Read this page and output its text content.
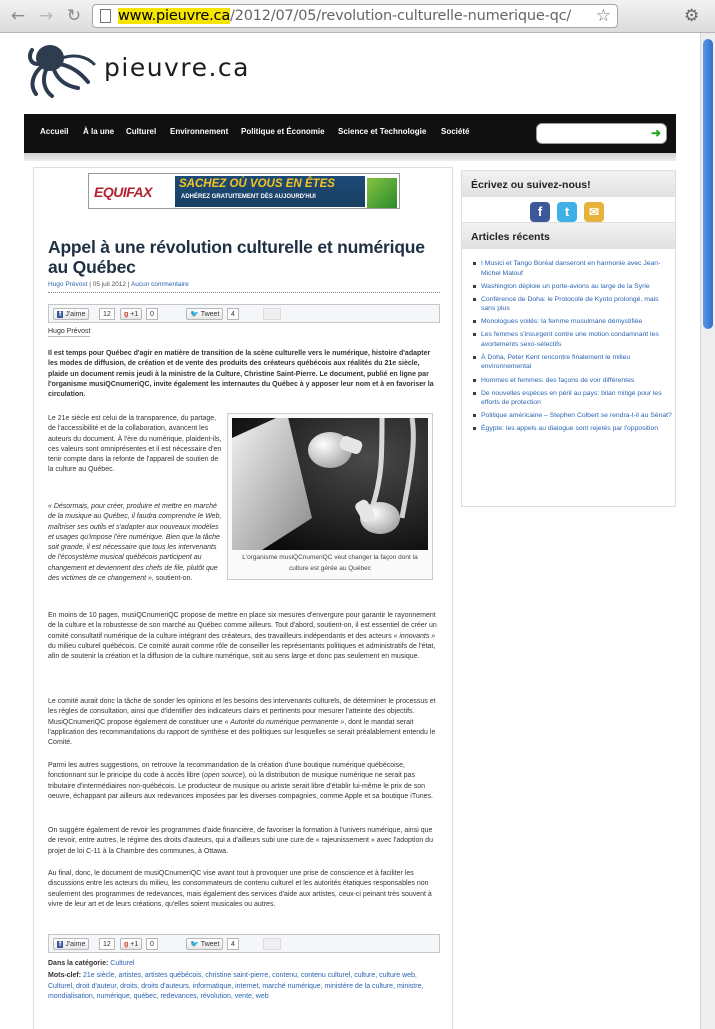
← → ↻	www.pieuvre.ca/2012/07/05/revolution-culturelle-numerique-qc/ ☆	⚙
pieuvre.ca
Accueil À la une Culturel Environnement Politique et Économie Science et Technologie Société	➜
EQUIFAX SACHEZ OÙ VOUS EN ÊTES
ADHÉREZ GRATUITEMENT DÈS AUJOURD'HUI
Appel à une révolution culturelle et numérique au Québec
Hugo Prévost | 05 juil 2012 | Aucun commentaire
f J'aime	12	g +1	0	🐦 Tweet	4
Hugo Prévost
Il est temps pour Québec d'agir en matière de transition de la scène culturelle vers le numérique, histoire d'adapter les modes de diffusion, de création et de vente des produits des créateurs québécois aux réalités du 21e siècle, plaide un document remis jeudi à la ministre de la Culture, Christine Saint-Pierre. Le document, publié en ligne par l'organisme musiQCnumeriQC, invite également les internautes du Québec à y apposer leur nom et à en favoriser la circulation.
Le 21e siècle est celui de la transparence, du partage, de l'accessibilité et de la collaboration, avancent les auteurs du document. À l'ère du numérique, plaident-ils, ces valeurs sont omniprésentes et il est nécessaire d'en tenir compte dans la refonte de l'appareil de soutien de la culture au Québec.
« Désormais, pour créer, produire et mettre en marché de la musique au Québec, il faudra comprendre le Web, maîtriser ses outils et s'adapter aux nouveaux modèles et usages qu'impose l'ère numérique. Bien que la tâche soit grande, il est nécessaire que tous les intervenants de l'écosystème musical québécois participent au changement et deviennent des chefs de file, plutôt que des victimes de ce changement », soutient-on.
L'organisme musiQCnumeriQC veut changer la façon dont la culture est gérée au Québec
En moins de 10 pages, musiQCnumeriQC propose de mettre en place six mesures d'envergure pour garantir le rayonnement de la culture et la robustesse de son marché au Québec comme ailleurs. Tout d'abord, soutient-on, il est essentiel de créer un comité consultatif numérique de la culture intégrant des créateurs, des travailleurs indépendants et des acteurs « innovants » du milieu culturel québécois. Ce comité aurait comme rôle de conseiller les représentants politiques et administratifs de l'état, afin de soutenir la création et la diffusion de la culture numérique, soit au sens large et donc pas seulement en musique.
Le comité aurait donc la tâche de sonder les opinions et les besoins des intervenants culturels, de déterminer le processus et les règles de consultation, ainsi que d'identifier des indicateurs clairs et pertinents pour mesurer l'atteinte des objectifs. MusiQCnumeriQC propose également de constituer une « Autorité du numérique permanente », dont le mandat serait l'application des recommandations du rapport de synthèse et des politiques sur lesquelles se serait préalablement entendu le Comité.
Parmi les autres suggestions, on retrouve la recommandation de la création d'une boutique numérique québécoise, fonctionnant sur le principe du code à accès libre (open source), où la distribution de musique numérique ne serait pas tributaire d'intermédiaires non-québécois. Le producteur de musique ou artiste serait libre d'établir lui-même le prix de son oeuvre, échappant par ailleurs aux redevances imposées par les diverses compagnies, comme Apple et sa boutique iTunes.
On suggère également de revoir les programmes d'aide financière, de favoriser la formation à l'univers numérique, ainsi que de revoir, entre autres, le régime des droits d'auteurs, qui a d'ailleurs subi une cure de « rajeunissement » avec l'adoption du projet de loi C-11 à la Chambre des communes, à Ottawa.
Au final, donc, le document de musiQCnumeriQC vise avant tout à provoquer une prise de conscience et à faciliter les discussions entre les acteurs du milieu, les consommateurs de contenu culturel et les autorités étatiques responsables non seulement des programmes de redevances, mais également des services d'aide aux artistes, ceux-ci peinant très souvent à vivre de leur art et de leurs créations, qu'elles soient musicales ou autres.
f J'aime	12	g +1	0	🐦 Tweet	4
Dans la catégorie: Culturel
Mots-clef: 21e siècle, artistes, artistes québécois, christine saint-pierre, contenu, contenu culturel, culture, culture web, Culturel, droit d'auteur, droits, droits d'auteurs, informatique, internet, marché numérique, ministère de la culture, ministre, mondialisation, numérique, québec, redevances, révolution, vente, web
Écrivez ou suivez-nous!
f	t	✉
Articles récents
I Musici et Tango Boréal danseront en harmonie avec Jean-Michel Malouf
Washington déploie un porte-avions au large de la Syrie
Conférence de Doha: le Protocole de Kyoto prolongé, mais sans plus
Monologues voilés: la femme musulmane démystifiée
Les femmes s'insurgent contre une motion condamnant les avortements sexo-sélectifs
À Doha, Peter Kent rencontre finalement le milieu environnemental
Hommes et femmes: des façons de voir différentes
De nouvelles espèces en péril au pays: bilan mitigé pour les efforts de protection
Politique américaine – Stephen Colbert se rendra-t-il au Sénat?
Égypte: les appels au dialogue sont rejetés par l'opposition
